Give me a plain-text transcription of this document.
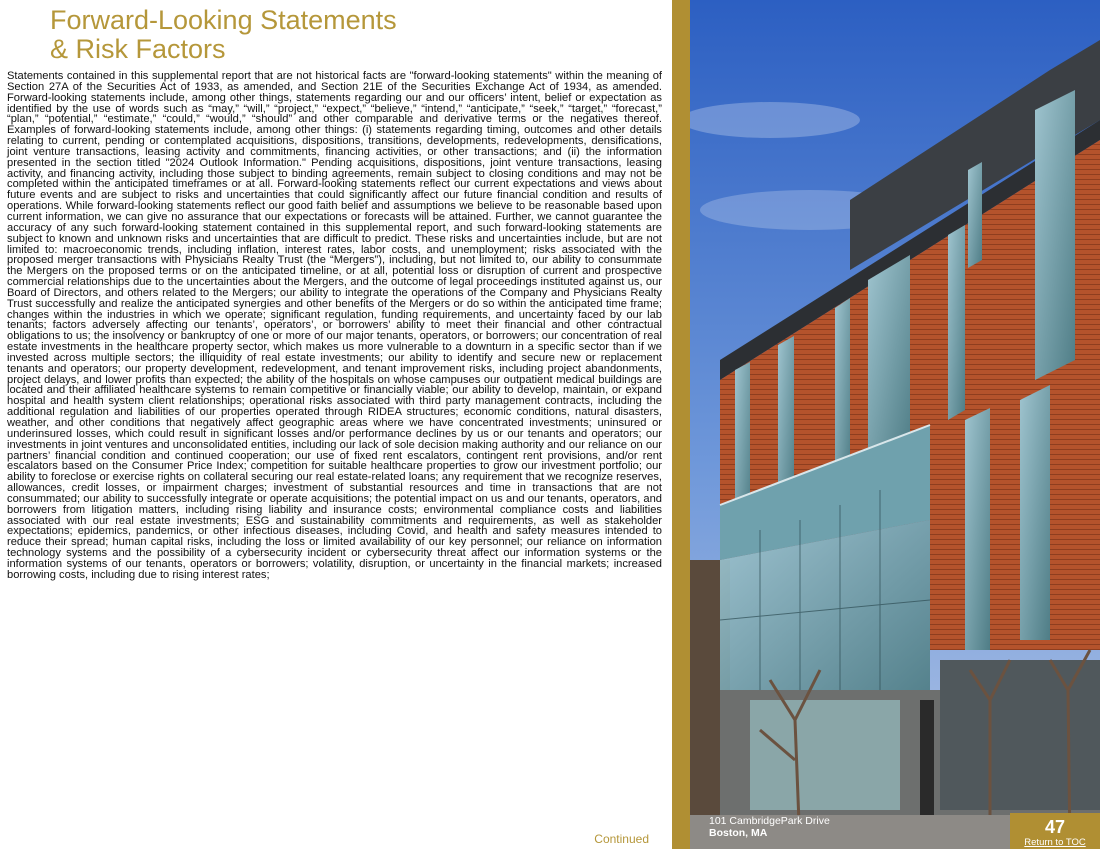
Forward-Looking Statements
& Risk Factors

Statements contained in this supplemental report that are not historical facts are "forward-looking statements" within the meaning of Section 27A of the Securities Act of 1933, as amended, and Section 21E of the Securities Exchange Act of 1934, as amended. Forward-looking statements include, among other things, statements regarding our and our officers’ intent, belief or expectation as identified by the use of words such as “may,” “will,” “project,” “expect,” “believe,” “intend,” “anticipate,” “seek,” “target,” “forecast,” “plan,” “potential,” “estimate,” “could,” “would,” “should” and other comparable and derivative terms or the negatives thereof. Examples of forward-looking statements include, among other things: (i) statements regarding timing, outcomes and other details relating to current, pending or contemplated acquisitions, dispositions, transitions, developments, redevelopments, densifications, joint venture transactions, leasing activity and commitments, financing activities, or other transactions; and (ii) the information presented in the section titled "2024 Outlook Information." Pending acquisitions, dispositions, joint venture transactions, leasing activity, and financing activity, including those subject to binding agreements, remain subject to closing conditions and may not be completed within the anticipated timeframes or at all. Forward-looking statements reflect our current expectations and views about future events and are subject to risks and uncertainties that could significantly affect our future financial condition and results of operations. While forward-looking statements reflect our good faith belief and assumptions we believe to be reasonable based upon current information, we can give no assurance that our expectations or forecasts will be attained. Further, we cannot guarantee the accuracy of any such forward-looking statement contained in this supplemental report, and such forward-looking statements are subject to known and unknown risks and uncertainties that are difficult to predict. These risks and uncertainties include, but are not limited to: macroeconomic trends, including inflation, interest rates, labor costs, and unemployment; risks associated with the proposed merger transactions with Physicians Realty Trust (the “Mergers”), including, but not limited to, our ability to consummate the Mergers on the proposed terms or on the anticipated timeline, or at all, potential loss or disruption of current and prospective commercial relationships due to the uncertainties about the Mergers, and the outcome of legal proceedings instituted against us, our Board of Directors, and others related to the Mergers; our ability to integrate the operations of the Company and Physicians Realty Trust successfully and realize the anticipated synergies and other benefits of the Mergers or do so within the anticipated time frame; changes within the industries in which we operate; significant regulation, funding requirements, and uncertainty faced by our lab tenants; factors adversely affecting our tenants’, operators’, or borrowers’ ability to meet their financial and other contractual obligations to us; the insolvency or bankruptcy of one or more of our major tenants, operators, or borrowers; our concentration of real estate investments in the healthcare property sector, which makes us more vulnerable to a downturn in a specific sector than if we invested across multiple sectors; the illiquidity of real estate investments; our ability to identify and secure new or replacement tenants and operators; our property development, redevelopment, and tenant improvement risks, including project abandonments, project delays, and lower profits than expected; the ability of the hospitals on whose campuses our outpatient medical buildings are located and their affiliated healthcare systems to remain competitive or financially viable; our ability to develop, maintain, or expand hospital and health system client relationships; operational risks associated with third party management contracts, including the additional regulation and liabilities of our properties operated through RIDEA structures; economic conditions, natural disasters, weather, and other conditions that negatively affect geographic areas where we have concentrated investments; uninsured or underinsured losses, which could result in significant losses and/or performance declines by us or our tenants and operators; our investments in joint ventures and unconsolidated entities, including our lack of sole decision making authority and our reliance on our partners’ financial condition and continued cooperation; our use of fixed rent escalators, contingent rent provisions, and/or rent escalators based on the Consumer Price Index; competition for suitable healthcare properties to grow our investment portfolio; our ability to foreclose or exercise rights on collateral securing our real estate-related loans; any requirement that we recognize reserves, allowances, credit losses, or impairment charges; investment of substantial resources and time in transactions that are not consummated; our ability to successfully integrate or operate acquisitions; the potential impact on us and our tenants, operators, and borrowers from litigation matters, including rising liability and insurance costs; environmental compliance costs and liabilities associated with our real estate investments; ESG and sustainability commitments and requirements, as well as stakeholder expectations; epidemics, pandemics, or other infectious diseases, including Covid, and health and safety measures intended to reduce their spread; human capital risks, including the loss or limited availability of our key personnel; our reliance on information technology systems and the possibility of a cybersecurity incident or cybersecurity threat affect our information systems or the information systems of our tenants, operators or borrowers; volatility, disruption, or uncertainty in the financial markets; increased borrowing costs, including due to rising interest rates;

Continued
101 CambridgePark Drive
Boston, MA	47
Return to TOC
